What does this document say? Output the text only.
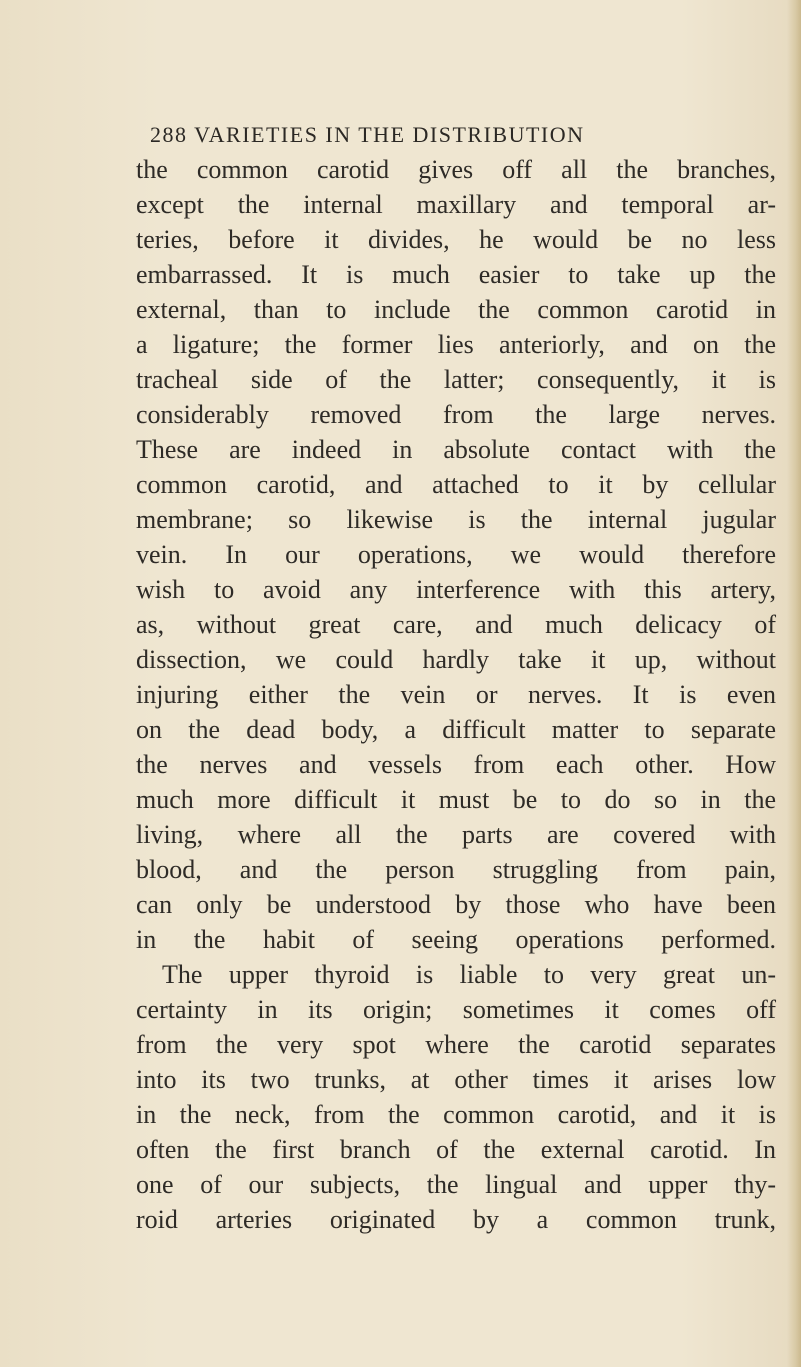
288 VARIETIES IN THE DISTRIBUTION
the common carotid gives off all the branches,
except the internal maxillary and temporal ar-
teries, before it divides, he would be no less
embarrassed. It is much easier to take up the
external, than to include the common carotid in
a ligature; the former lies anteriorly, and on the
tracheal side of the latter; consequently, it is
considerably removed from the large nerves.
These are indeed in absolute contact with the
common carotid, and attached to it by cellular
membrane; so likewise is the internal jugular
vein. In our operations, we would therefore
wish to avoid any interference with this artery,
as, without great care, and much delicacy of
dissection, we could hardly take it up, without
injuring either the vein or nerves. It is even
on the dead body, a difficult matter to separate
the nerves and vessels from each other. How
much more difficult it must be to do so in the
living, where all the parts are covered with
blood, and the person struggling from pain,
can only be understood by those who have been
in the habit of seeing operations performed.
The upper thyroid is liable to very great un-
certainty in its origin; sometimes it comes off
from the very spot where the carotid separates
into its two trunks, at other times it arises low
in the neck, from the common carotid, and it is
often the first branch of the external carotid. In
one of our subjects, the lingual and upper thy-
roid arteries originated by a common trunk,
